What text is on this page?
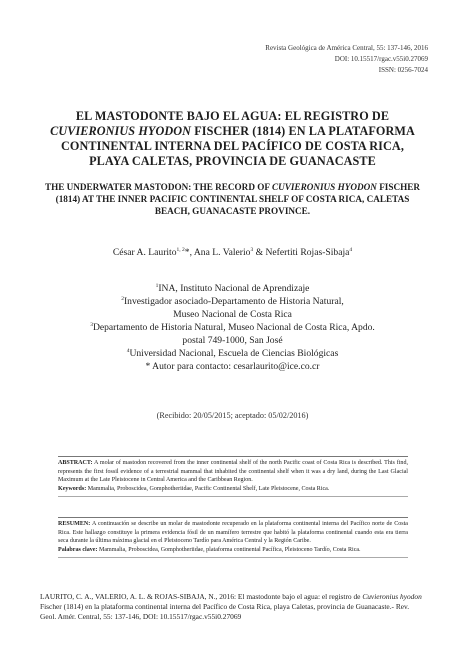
Revista Geológica de América Central, 55: 137-146, 2016
DOI: 10.15517/rgac.v55i0.27069
ISSN: 0256-7024
EL MASTODONTE BAJO EL AGUA: EL REGISTRO DE
CUVIERONIUS HYODON FISCHER (1814) EN LA PLATAFORMA CONTINENTAL INTERNA DEL PACÍFICO DE COSTA RICA, PLAYA CALETAS, PROVINCIA DE GUANACASTE
THE UNDERWATER MASTODON: THE RECORD OF CUVIERONIUS HYODON FISCHER (1814) AT THE INNER PACIFIC CONTINENTAL SHELF OF COSTA RICA, CALETAS BEACH, GUANACASTE PROVINCE.
César A. Laurito$^{1, 2}$*, Ana L. Valerio$^3$ & Nefertiti Rojas-Sibaja$^4$
$^1$INA, Instituto Nacional de Aprendizaje
$^2$Investigador asociado-Departamento de Historia Natural,
Museo Nacional de Costa Rica
$^3$Departamento de Historia Natural, Museo Nacional de Costa Rica, Apdo.
postal 749-1000, San José
$^4$Universidad Nacional, Escuela de Ciencias Biológicas
* Autor para contacto: cesarlaurito@ice.co.cr
(Recibido: 20/05/2015; aceptado: 05/02/2016)
ABSTRACT: A molar of mastodon recovered from the inner continental shelf of the north Pacific coast of Costa Rica is described. This find, represents the first fossil evidence of a terrestrial mammal that inhabited the continental shelf when it was a dry land, during the Last Glacial Maximum at the Late Pleistocene in Central America and the Caribbean Region.
Keywords: Mammalia, Proboscidea, Gomphotheriidae, Pacific Continental Shelf, Late Pleistocene, Costa Rica.
RESUMEN: A continuación se describe un molar de mastodonte recuperado en la plataforma continental interna del Pacífico norte de Costa Rica. Este hallazgo constituye la primera evidencia fósil de un mamífero terrestre que habitó la plataforma continental cuando esta era tierra seca durante la última máxima glacial en el Pleistoceno Tardío para América Central y la Región Caribe.
Palabras clave: Mammalia, Proboscidea, Gomphotheriidae, plataforma continental Pacífica, Pleistoceno Tardío, Costa Rica.
LAURITO, C. A., VALERIO, A. L. & ROJAS-SIBAJA, N., 2016: El mastodonte bajo el agua: el registro de Cuvieronius hyodon Fischer (1814) en la plataforma continental interna del Pacífico de Costa Rica, playa Caletas, provincia de Guanacaste.- Rev. Geol. Amér. Central, 55: 137-146, DOI: 10.15517/rgac.v55i0.27069
